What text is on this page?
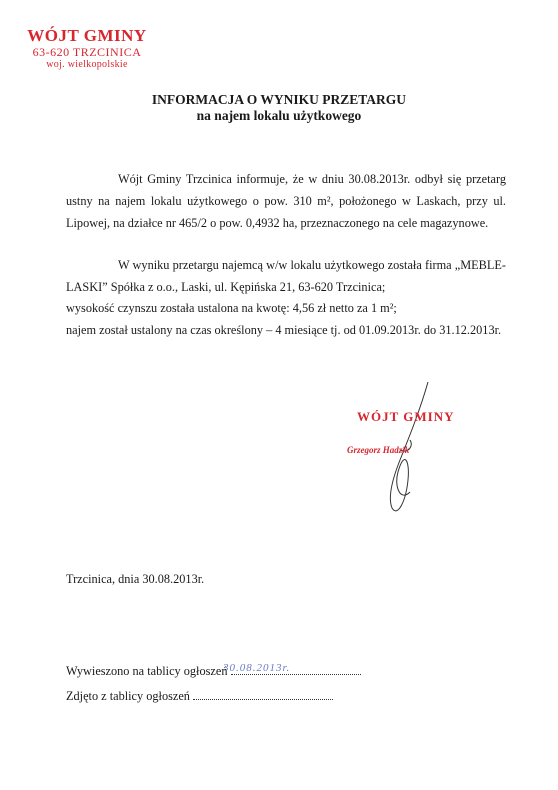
WÓJT GMINY
63-620 TRZCINICA
woj. wielkopolskie
INFORMACJA O WYNIKU PRZETARGU
na najem lokalu użytkowego

Wójt Gminy Trzcinica informuje, że w dniu 30.08.2013r. odbył się przetarg ustny na najem lokalu użytkowego o pow. 310 m², położonego w Laskach, przy ul. Lipowej, na działce nr 465/2 o pow. 0,4932 ha, przeznaczonego na cele magazynowe.

W wyniku przetargu najemcą w/w lokalu użytkowego została firma „MEBLE-LASKI” Spółka z o.o., Laski, ul. Kępińska 21, 63-620 Trzcinica;

wysokość czynszu została ustalona na kwotę: 4,56 zł netto za 1 m²;
najem został ustalony na czas określony – 4 miesiące tj. od 01.09.2013r. do 31.12.2013r.
WÓJT GMINY
Grzegorz Hadzik
Trzcinica, dnia 30.08.2013r.
Wywieszono na tablicy ogłoszeń
30.08.2013r.
Zdjęto z tablicy ogłoszeń
